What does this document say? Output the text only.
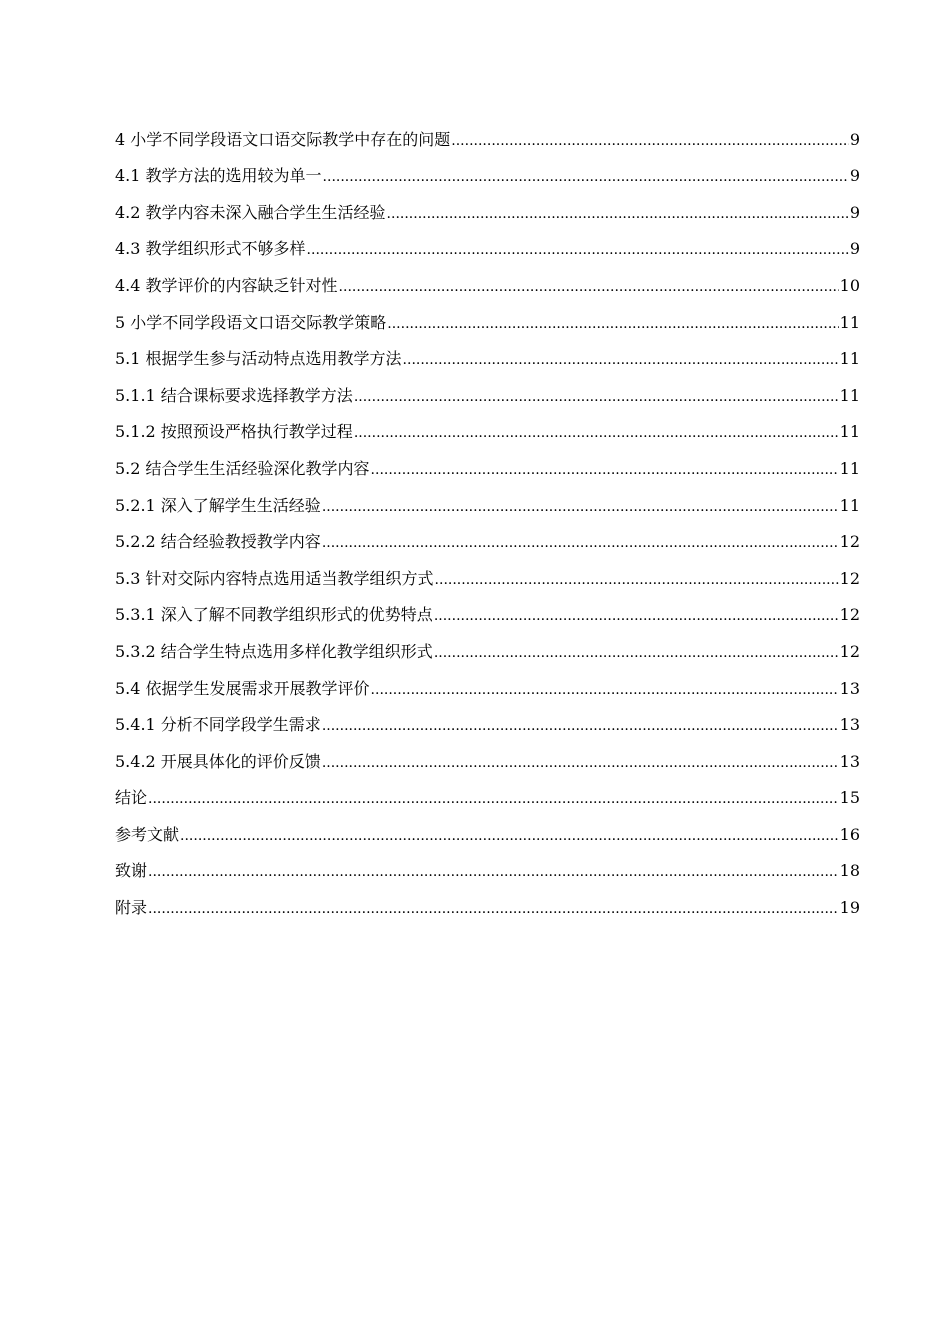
4 小学不同学段语文口语交际教学中存在的问题 .....	9
4.1 教学方法的选用较为单一 .....	9
4.2 教学内容未深入融合学生生活经验 .....	9
4.3 教学组织形式不够多样 .....	9
4.4 教学评价的内容缺乏针对性 .....	10
5 小学不同学段语文口语交际教学策略 .....	11
5.1 根据学生参与活动特点选用教学方法 .....	11
5.1.1 结合课标要求选择教学方法 .....	11
5.1.2 按照预设严格执行教学过程 .....	11
5.2 结合学生生活经验深化教学内容 .....	11
5.2.1 深入了解学生生活经验 .....	11
5.2.2 结合经验教授教学内容 .....	12
5.3 针对交际内容特点选用适当教学组织方式 .....	12
5.3.1 深入了解不同教学组织形式的优势特点 .....	12
5.3.2 结合学生特点选用多样化教学组织形式 .....	12
5.4 依据学生发展需求开展教学评价 .....	13
5.4.1 分析不同学段学生需求 .....	13
5.4.2 开展具体化的评价反馈 .....	13
结论 .....	15
参考文献 .....	16
致谢 .....	18
附录 .....	19
